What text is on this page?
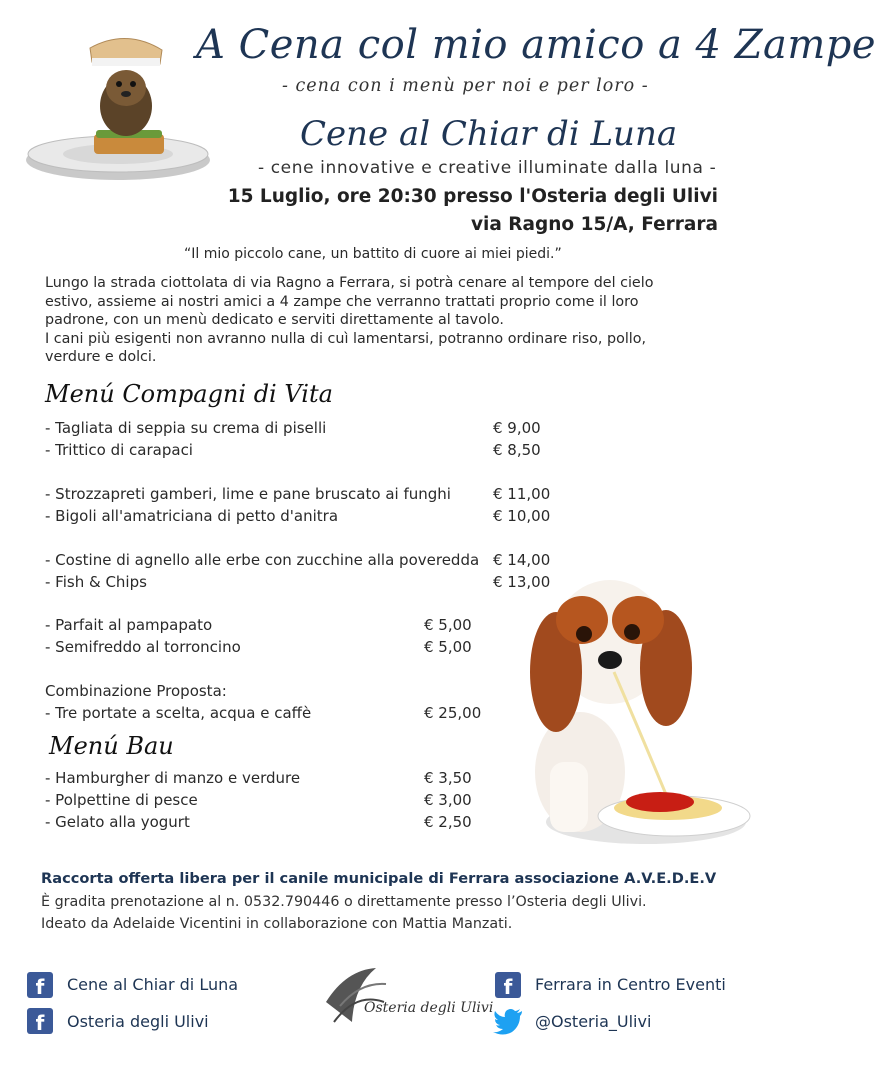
A Cena col mio amico a 4 Zampe
- cena con i menù per noi e per loro -
Cene al Chiar di Luna
- cene innovative e creative illuminate dalla luna -
15 Luglio, ore 20:30 presso l'Osteria degli Ulivi
via Ragno 15/A, Ferrara
“Il mio piccolo cane, un battito di cuore ai miei piedi.”

Lungo la strada ciottolata di via Ragno a Ferrara, si potrà cenare al tempore del cielo

estivo, assieme ai nostri amici a 4 zampe che verranno trattati proprio come il loro

padrone, con un menù dedicato e serviti direttamente al tavolo.

I cani più esigenti non avranno nulla di cuì lamentarsi, potranno ordinare riso, pollo,

verdure e dolci.

Menú Compagni di Vita
- Tagliata di seppia su crema di piselli	€ 9,00
- Trittico di carapaci	€ 8,50
- Strozzapreti gamberi, lime e pane bruscato ai funghi	€ 11,00
- Bigoli all'amatriciana di petto d'anitra	€ 10,00
- Costine di agnello alle erbe con zucchine alla poveredda € 14,00
- Fish & Chips	€ 13,00
- Parfait al pampapato	€ 5,00
- Semifreddo al torroncino	€ 5,00
Combinazione Proposta:
- Tre portate a scelta, acqua e caffè	€ 25,00
Menú Bau
- Hamburgher di manzo e verdure	€ 3,50
- Polpettine di pesce	€ 3,00
- Gelato alla yogurt	€ 2,50
Raccorta offerta libera per il canile municipale di Ferrara associazione A.V.E.D.E.V
È gradita prenotazione al n. 0532.790446 o direttamente presso l’Osteria degli Ulivi.
Ideato da Adelaide Vicentini in collaborazione con Mattia Manzati.
f	Cene al Chiar di Luna
f	Osteria degli Ulivi
Osteria degli Ulivi
f	Ferrara in Centro Eventi
@Osteria_Ulivi
